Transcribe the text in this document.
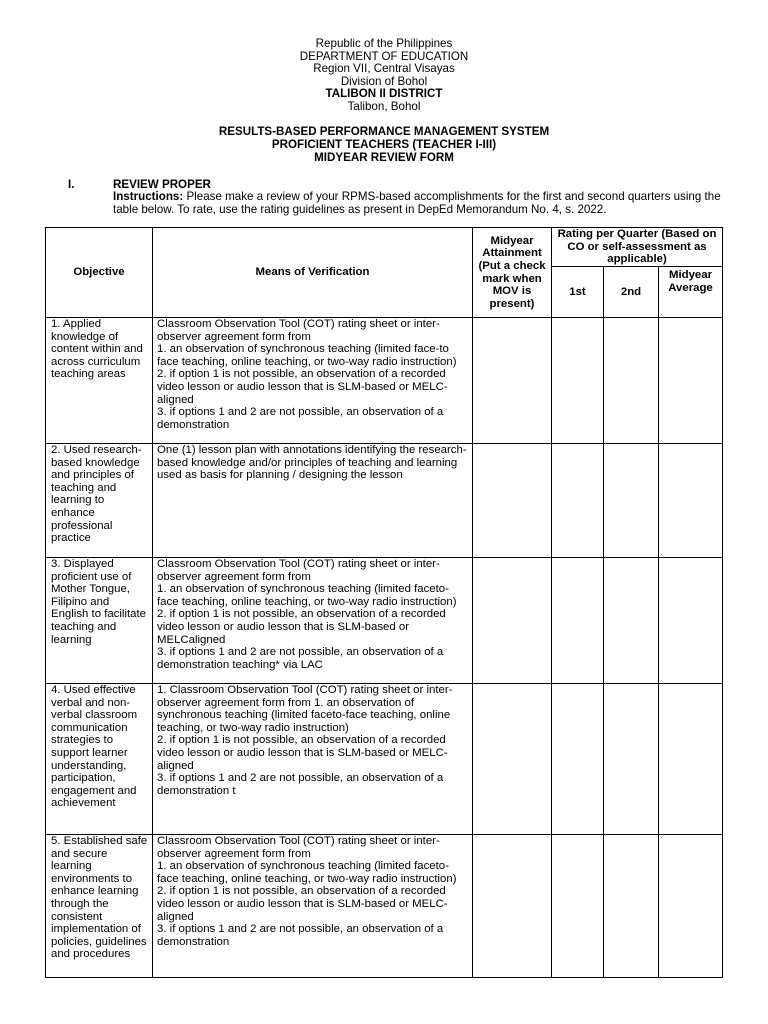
Republic of the Philippines
DEPARTMENT OF EDUCATION
Region VII, Central Visayas
Division of Bohol
TALIBON II DISTRICT
Talibon, Bohol
RESULTS-BASED PERFORMANCE MANAGEMENT SYSTEM
PROFICIENT TEACHERS (TEACHER I-III)
MIDYEAR REVIEW FORM
I.	REVIEW PROPER
Instructions: Please make a review of your RPMS-based accomplishments for the first and second quarters using the table below. To rate, use the rating guidelines as present in DepEd Memorandum No. 4, s. 2022.
Objective	Means of Verification	Midyear Attainment (Put a check mark when MOV is present)	Rating per Quarter (Based on CO or self-assessment as applicable)		
			1st	2nd	Midyear Average
1. Applied knowledge of content within and across curriculum teaching areas	Classroom Observation Tool (COT) rating sheet or inter-observer agreement form from
1. an observation of synchronous teaching (limited face-to face teaching, online teaching, or two-way radio instruction)
2. if option 1 is not possible, an observation of a recorded video lesson or audio lesson that is SLM-based or MELC-aligned
3. if options 1 and 2 are not possible, an observation of a demonstration				
2. Used research-based knowledge and principles of teaching and learning to enhance professional practice	One (1) lesson plan with annotations identifying the research-based knowledge and/or principles of teaching and learning used as basis for planning / designing the lesson				
3. Displayed proficient use of Mother Tongue, Filipino and English to facilitate teaching and learning	Classroom Observation Tool (COT) rating sheet or inter-observer agreement form from
1. an observation of synchronous teaching (limited faceto-face teaching, online teaching, or two-way radio instruction)
2. if option 1 is not possible, an observation of a recorded video lesson or audio lesson that is SLM-based or MELCaligned
3. if options 1 and 2 are not possible, an observation of a demonstration teaching* via LAC				
4. Used effective verbal and non-verbal classroom communication strategies to support learner understanding, participation, engagement and achievement	1. Classroom Observation Tool (COT) rating sheet or inter-observer agreement form from 1. an observation of synchronous teaching (limited faceto-face teaching, online teaching, or two-way radio instruction)
2. if option 1 is not possible, an observation of a recorded video lesson or audio lesson that is SLM-based or MELC-aligned
3. if options 1 and 2 are not possible, an observation of a demonstration t				
5. Established safe and secure learning environments to enhance learning through the consistent implementation of policies, guidelines and procedures	Classroom Observation Tool (COT) rating sheet or inter-observer agreement form from
1. an observation of synchronous teaching (limited faceto-face teaching, online teaching, or two-way radio instruction)
2. if option 1 is not possible, an observation of a recorded video lesson or audio lesson that is SLM-based or MELC-aligned
3. if options 1 and 2 are not possible, an observation of a demonstration				
